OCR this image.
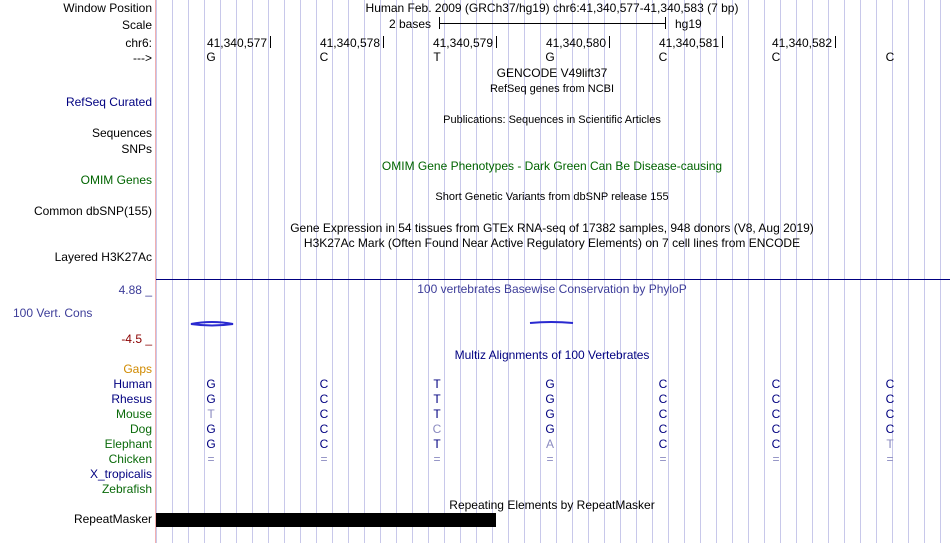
Window Position	Human Feb. 2009 (GRCh37/hg19) chr6:41,340,577-41,340,583 (7 bp)
Scale	2 bases	hg19
chr6:	41,340,577	41,340,578	41,340,579	41,340,580	41,340,581	41,340,582
--->	G	C	T	G	C	C	C
GENCODE V49lift37
RefSeq genes from NCBI
RefSeq Curated
Publications: Sequences in Scientific Articles
Sequences
SNPs
OMIM Gene Phenotypes - Dark Green Can Be Disease-causing
OMIM Genes
Short Genetic Variants from dbSNP release 155
Common dbSNP(155)
Gene Expression in 54 tissues from GTEx RNA-seq of 17382 samples, 948 donors (V8, Aug 2019)
H3K27Ac Mark (Often Found Near Active Regulatory Elements) on 7 cell lines from ENCODE
Layered H3K27Ac
4.88 _	100 vertebrates Basewise Conservation by PhyloP
100 Vert. Cons
-4.5 _
Multiz Alignments of 100 Vertebrates
Gaps
Human	G	C	T	G	C	C	C
Rhesus	G	C	T	G	C	C	C
Mouse	T	C	T	G	C	C	C
Dog	G	C	C	G	C	C	C
Elephant	G	C	T	A	C	C	T
Chicken	=	=	=	=	=	=	=
X_tropicalis
Zebrafish
Repeating Elements by RepeatMasker
RepeatMasker
